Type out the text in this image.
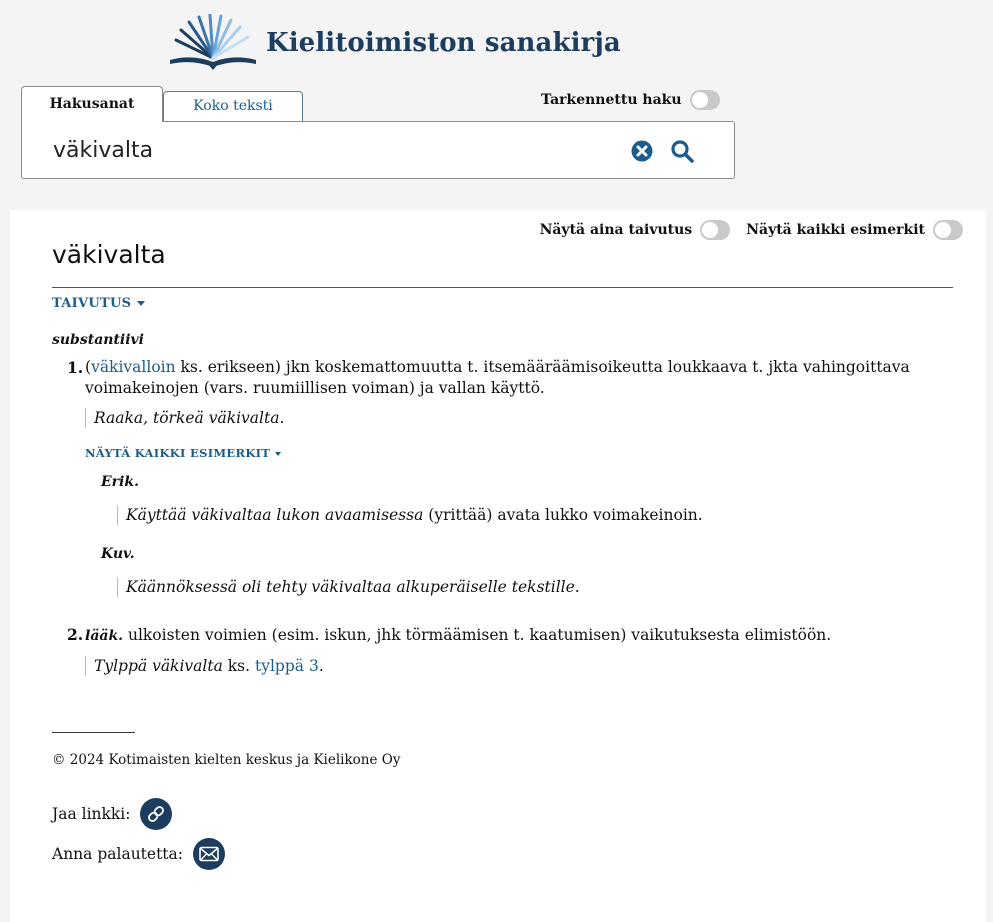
Kielitoimiston sanakirja
Hakusanat	Koko teksti	Tarkennettu haku
väkivalta
Näytä aina taivutus	Näytä kaikki esimerkit
väkivalta
TAIVUTUS
substantiivi
1. (väkivalloin ks. erikseen) jkn koskemattomuutta t. itsemääräämisoikeutta loukkaava t. jkta vahingoittava voimakeinojen (vars. ruumiillisen voiman) ja vallan käyttö.
Raaka, törkeä väkivalta.
NÄYTÄ KAIKKI ESIMERKIT
Erik.
Käyttää väkivaltaa lukon avaamisessa (yrittää) avata lukko voimakeinoin.
Kuv.
Käännöksessä oli tehty väkivaltaa alkuperäiselle tekstille.
2. lääk. ulkoisten voimien (esim. iskun, jhk törmäämisen t. kaatumisen) vaikutuksesta elimistöön.
Tylppä väkivalta ks. tylppä 3.
© 2024 Kotimaisten kielten keskus ja Kielikone Oy
Jaa linkki:
Anna palautetta:
